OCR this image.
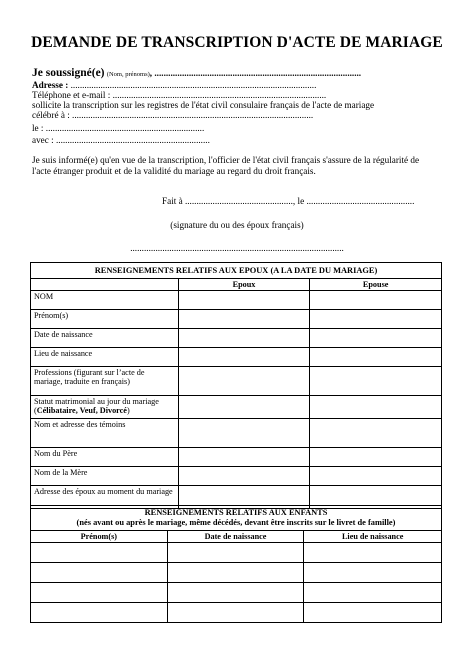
DEMANDE DE TRANSCRIPTION D'ACTE DE MARIAGE
Je soussigné(e) (Nom, prénoms), ..........................................................................................
Adresse : ...........................................................................................................
Téléphone et e-mail : .............................................................................................
sollicite la transcription sur les registres de l'état civil consulaire français de l'acte de mariage
célébré à : .........................................................................................................
le : .....................................................................
avec : ...................................................................
Je suis informé(e) qu'en vue de la transcription, l'officier de l'état civil français s'assure de la régularité de
l'acte étranger produit et de la validité du mariage au regard du droit français.
Fait à ..............................................., le ...............................................
(signature du ou des époux français)
.............................................................................................
RENSEIGNEMENTS RELATIFS AUX EPOUX (A LA DATE DU MARIAGE)		
	Epoux	Epouse
NOM		
Prénom(s)		
Date de naissance		
Lieu de naissance		
Professions (figurant sur l’acte de mariage, traduite en français)		
Statut matrimonial au jour du mariage (Célibataire, Veuf, Divorcé)		
Nom et adresse des témoins		
Nom du Père		
Nom de la Mère		
Adresse des époux au moment du mariage		
RENSEIGNEMENTS RELATIFS AUX ENFANTS
(nés avant ou après le mariage, même décédés, devant être inscrits sur le livret de famille)		

Prénom(s)	Date de naissance	Lieu de naissance
